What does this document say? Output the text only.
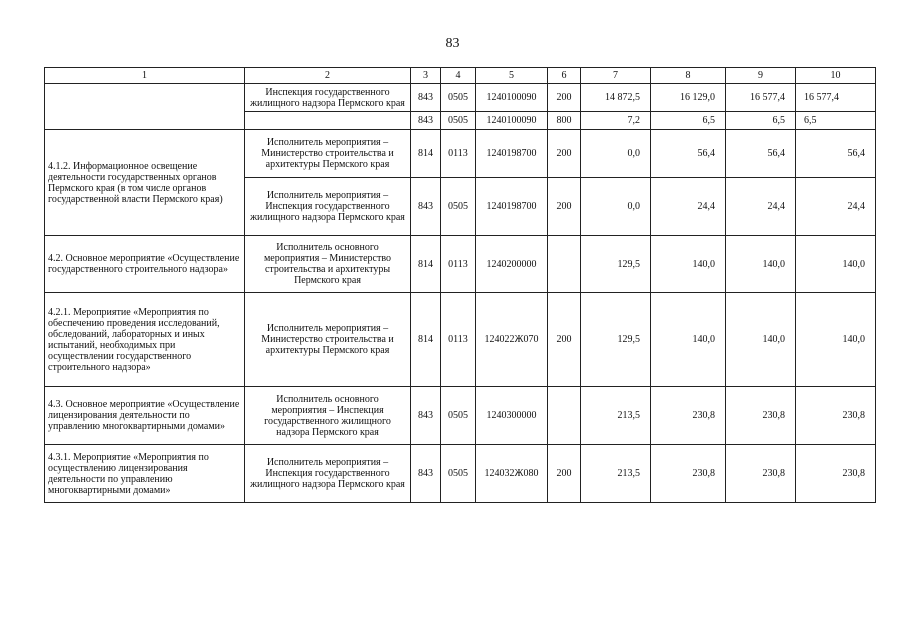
83
1	2	3	4	5	6	7	8	9	10
	Инспекция государственного жилищного надзора Пермского края	843	0505	1240100090	200	14 872,5	16 129,0	16 577,4	16 577,4
		843	0505	1240100090	800	7,2	6,5	6,5	6,5
4.1.2. Информационное освещение деятельности государственных органов Пермского края (в том числе органов государственной власти Пермского края)	Исполнитель мероприятия – Министерство строительства и архитектуры Пермского края	814	0113	1240198700	200	0,0	56,4	56,4	56,4
	Исполнитель мероприятия – Инспекция государственного жилищного надзора Пермского края	843	0505	1240198700	200	0,0	24,4	24,4	24,4
4.2. Основное мероприятие «Осуществление государственного строительного надзора»	Исполнитель основного мероприятия – Министерство строительства и архитектуры Пермского края	814	0113	1240200000		129,5	140,0	140,0	140,0
4.2.1. Мероприятие «Мероприятия по обеспечению проведения исследований, обследований, лабораторных и иных испытаний, необходимых при осуществлении государственного строительного надзора»	Исполнитель мероприятия – Министерство строительства и архитектуры Пермского края	814	0113	124022Ж070	200	129,5	140,0	140,0	140,0
4.3. Основное мероприятие «Осуществление лицензирования деятельности по управлению многоквартирными домами»	Исполнитель основного мероприятия – Инспекция государственного жилищного надзора Пермского края	843	0505	1240300000		213,5	230,8	230,8	230,8
4.3.1. Мероприятие «Мероприятия по осуществлению лицензирования деятельности по управлению многоквартирными домами»	Исполнитель мероприятия – Инспекция государственного жилищного надзора Пермского края	843	0505	124032Ж080	200	213,5	230,8	230,8	230,8
